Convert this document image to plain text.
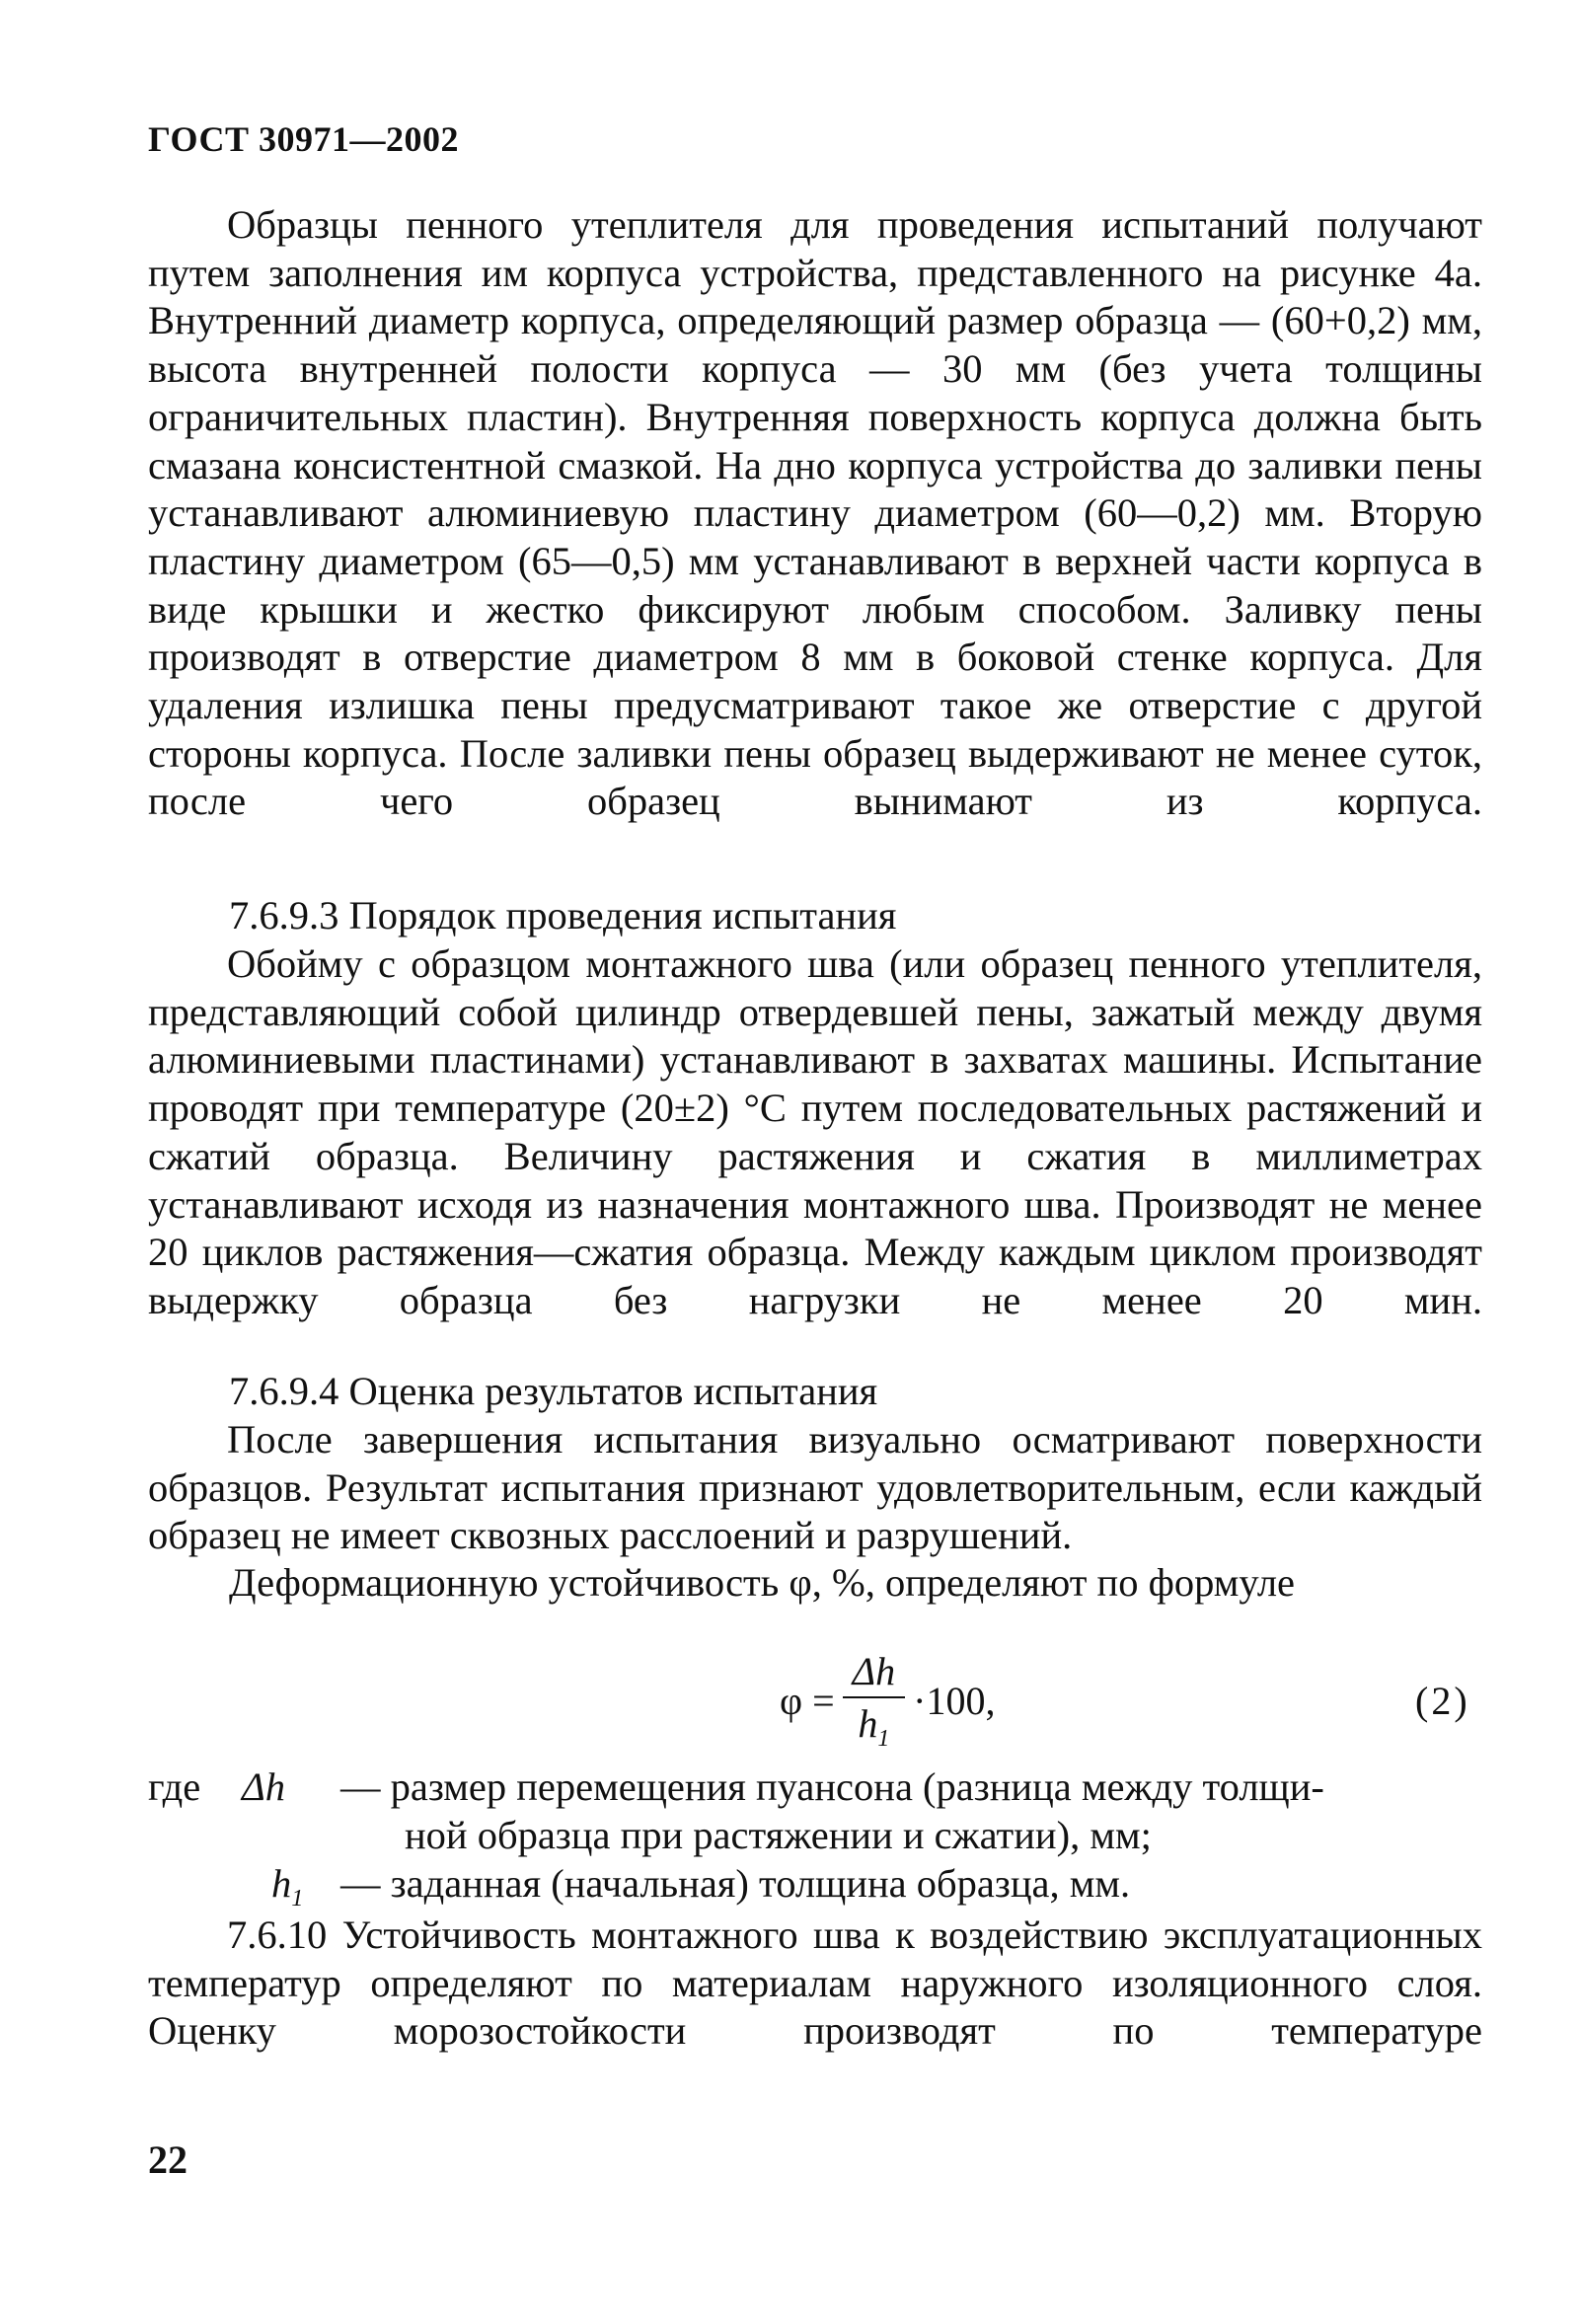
ГОСТ 30971—2002
Образцы пенного утеплителя для проведения испытаний получают путем заполнения им корпуса устройства, представленного на рисунке 4а. Внутренний диаметр корпуса, определяющий размер образца — (60+0,2) мм, высота внутренней полости корпуса — 30 мм (без учета толщины ограничительных пластин). Внутренняя поверхность корпуса должна быть смазана консистентной смазкой. На дно корпуса устройства до заливки пены устанавливают алюминиевую пластину диаметром (60—0,2) мм. Вторую пластину диаметром (65—0,5) мм устанавливают в верхней части корпуса в виде крышки и жестко фиксируют любым способом. Заливку пены производят в отверстие диаметром 8 мм в боковой стенке корпуса. Для удаления излишка пены предусматривают такое же отверстие с другой стороны корпуса. После заливки пены образец выдерживают не менее суток, после чего образец вынимают из корпуса.
7.6.9.3 Порядок проведения испытания
Обойму с образцом монтажного шва (или образец пенного утеплителя, представляющий собой цилиндр отвердевшей пены, зажатый между двумя алюминиевыми пластинами) устанавливают в захватах машины. Испытание проводят при температуре (20±2) °С путем последовательных растяжений и сжатий образца. Величину растяжения и сжатия в миллиметрах устанавливают исходя из назначения монтажного шва. Производят не менее 20 циклов растяжения—сжатия образца. Между каждым циклом производят выдержку образца без нагрузки не менее 20 мин.
7.6.9.4 Оценка результатов испытания
После завершения испытания визуально осматривают поверхности образцов. Результат испытания признают удовлетворительным, если каждый образец не имеет сквозных расслоений и разрушений.
Деформационную устойчивость φ, %, определяют по формуле
$\varphi = \frac{\Delta h}{h_1} \cdot 100$,	(2)
где Δh — размер перемещения пуансона (разница между толщи-
ной образца при растяжении и сжатии), мм;
$h_1$ — заданная (начальная) толщина образца, мм.
7.6.10 Устойчивость монтажного шва к воздействию эксплуатационных температур определяют по материалам наружного изоляционного слоя. Оценку морозостойкости производят по температуре
22
